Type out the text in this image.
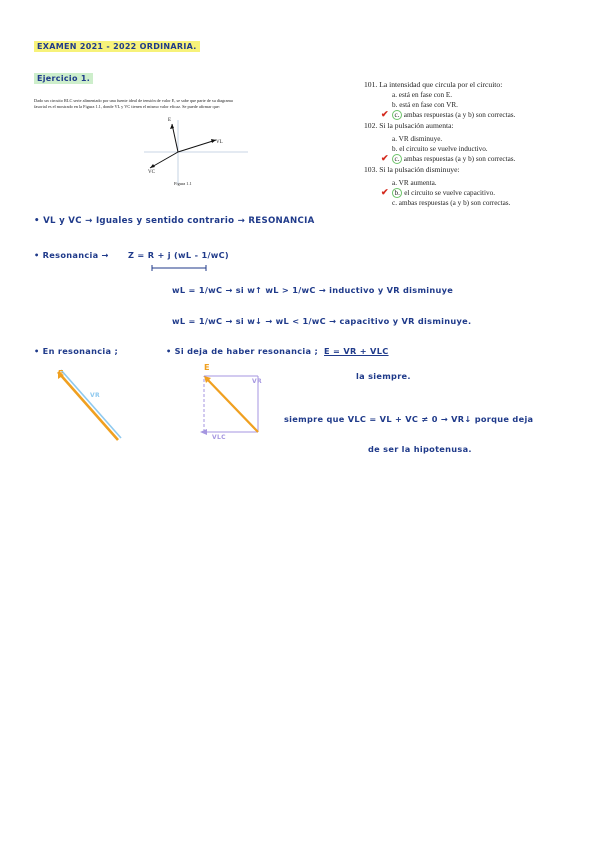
EXAMEN 2021 - 2022 ORDINARIA.
Ejercicio 1.
Dado un circuito RLC serie alimentado por una fuente ideal de tensión de valor E, se sabe que parte de su diagrama
fasorial es el mostrado en la Figura 1.1, donde VL y VC tienen el mismo valor eficaz. Se puede afirmar que:
E
VL
VC
Figura 1.1
101. La intensidad que circula por el circuito:
a. está en fase con E.
b. está en fase con VR.
✔ c. ambas respuestas (a y b) son correctas.
102. Si la pulsación aumenta:
a. VR disminuye.
b. el circuito se vuelve inductivo.
✔ c. ambas respuestas (a y b) son correctas.
103. Si la pulsación disminuye:
a. VR aumenta.
✔ b. el circuito se vuelve capacitivo.
c. ambas respuestas (a y b) son correctas.
• VL y VC → Iguales y sentido contrario → RESONANCIA
• Resonancia → Z = R + j (wL - 1/wC)
wL = 1/wC → si w↑ wL > 1/wC → inductivo y VR disminuye
wL = 1/wC → si w↓ → wL < 1/wC → capacitivo y VR disminuye.
• En resonancia ;	• Si deja de haber resonancia ; E = VR + VLC
la siempre.
E
VR
E
VR
VLC
siempre que VLC = VL + VC ≠ 0 → VR↓ porque deja
de ser la hipotenusa.
